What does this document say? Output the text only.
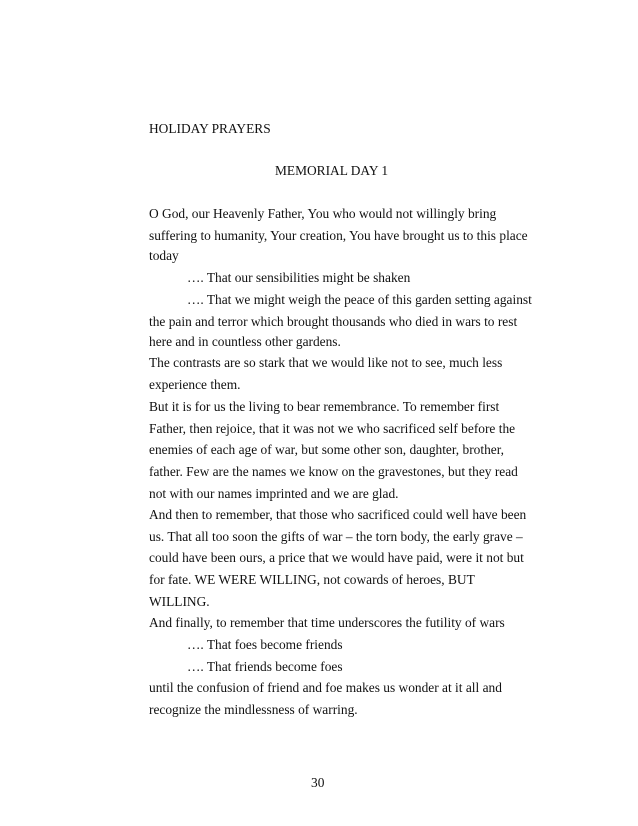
HOLIDAY PRAYERS
MEMORIAL DAY 1
O God, our Heavenly Father, You who would not willingly bring
suffering to humanity, Your creation, You have brought us to this place
today
…. That our sensibilities might be shaken
…. That we might weigh the peace of this garden setting against
the pain and terror which brought thousands who died in wars to rest
here and in countless other gardens.
The contrasts are so stark that we would like not to see, much less
experience them.
But it is for us the living to bear remembrance. To remember first
Father, then rejoice, that it was not we who sacrificed self before the
enemies of each age of war, but some other son, daughter, brother,
father. Few are the names we know on the gravestones, but they read
not with our names imprinted and we are glad.
And then to remember, that those who sacrificed could well have been
us. That all too soon the gifts of war – the torn body, the early grave –
could have been ours, a price that we would have paid, were it not but
for fate. WE WERE WILLING, not cowards of heroes, BUT
WILLING.
And finally, to remember that time underscores the futility of wars
…. That foes become friends
…. That friends become foes
until the confusion of friend and foe makes us wonder at it all and
recognize the mindlessness of warring.
30
